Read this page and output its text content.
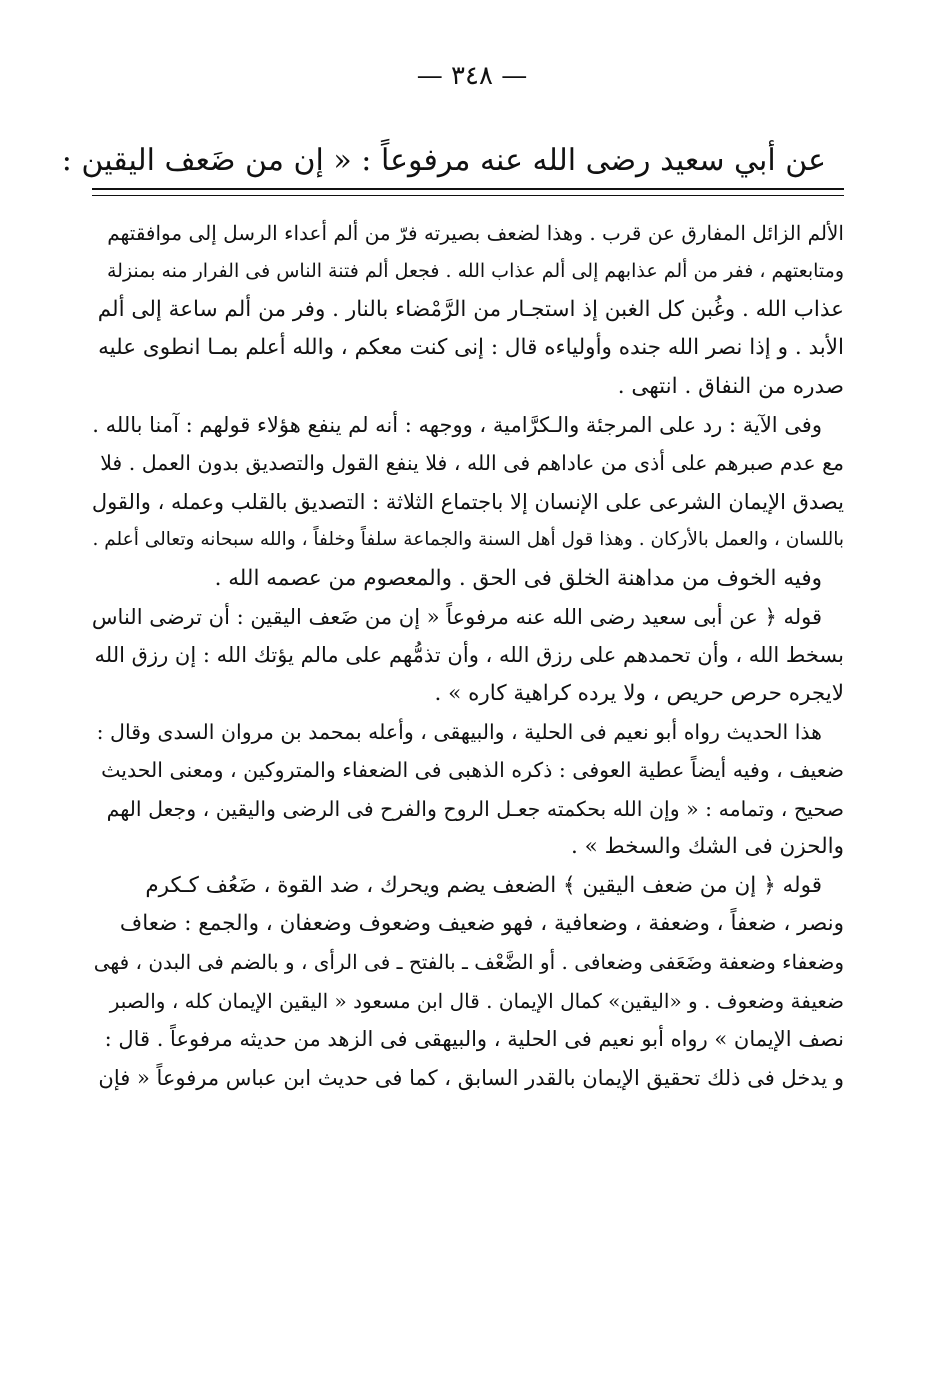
— ٣٤٨ —
عن أبي سعيد رضى الله عنه مرفوعاً : « إن من ضَعف اليقين :
الألم الزائل المفارق عن قرب . وهذا لضعف بصيرته فرّ من ألم أعداء الرسل إلى موافقتهم
ومتابعتهم ، ففر من ألم عذابهم إلى ألم عذاب الله . فجعل ألم فتنة الناس فى الفرار منه بمنزلة
عذاب الله . وغُبن كل الغبن إذ استجـار من الرَّمْضاء بالنار . وفر من ألم ساعة إلى ألم
الأبد . و إذا نصر الله جنده وأولياءه قال : إنى كنت معكم ، والله أعلم بمـا انطوى عليه
صدره من النفاق . انتهى .
وفى الآية : رد على المرجئة والـكرَّامية ، ووجهه : أنه لم ينفع هؤلاء قولهم : آمنا بالله .
مع عدم صبرهم على أذى من عاداهم فى الله ، فلا ينفع القول والتصديق بدون العمل . فلا
يصدق الإيمان الشرعى على الإنسان إلا باجتماع الثلاثة : التصديق بالقلب وعمله ، والقول
باللسان ، والعمل بالأركان . وهذا قول أهل السنة والجماعة سلفاً وخلفاً ، والله سبحانه وتعالى أعلم .
وفيه الخوف من مداهنة الخلق فى الحق . والمعصوم من عصمه الله .
قوله ﴿ عن أبى سعيد رضى الله عنه مرفوعاً « إن من ضَعف اليقين : أن ترضى الناس
بسخط الله ، وأن تحمدهم على رزق الله ، وأن تذمُّهم على مالم يؤتك الله : إن رزق الله
لايجره حرص حريص ، ولا يرده كراهية كاره » .
هذا الحديث رواه أبو نعيم فى الحلية ، والبيهقى ، وأعله بمحمد بن مروان السدى وقال :
ضعيف ، وفيه أيضاً عطية العوفى : ذكره الذهبى فى الضعفاء والمتروكين ، ومعنى الحديث
صحيح ، وتمامه : « وإن الله بحكمته جعـل الروح والفرح فى الرضى واليقين ، وجعل الهم
والحزن فى الشك والسخط » .
قوله ﴿ إن من ضعف اليقين ﴾ الضعف يضم ويحرك ، ضد القوة ، ضَعُف كـكرم
ونصر ، ضعفاً ، وضعفة ، وضعافية ، فهو ضعيف وضعوف وضعفان ، والجمع : ضعاف
وضعفاء وضعفة وضَعَفى وضعافى . أو الضَّعْف ـ بالفتح ـ فى الرأى ، و بالضم فى البدن ، فهى
ضعيفة وضعوف . و «اليقين» كمال الإيمان . قال ابن مسعود « اليقين الإيمان كله ، والصبر
نصف الإيمان » رواه أبو نعيم فى الحلية ، والبيهقى فى الزهد من حديثه مرفوعاً . قال :
و يدخل فى ذلك تحقيق الإيمان بالقدر السابق ، كما فى حديث ابن عباس مرفوعاً « فإن
